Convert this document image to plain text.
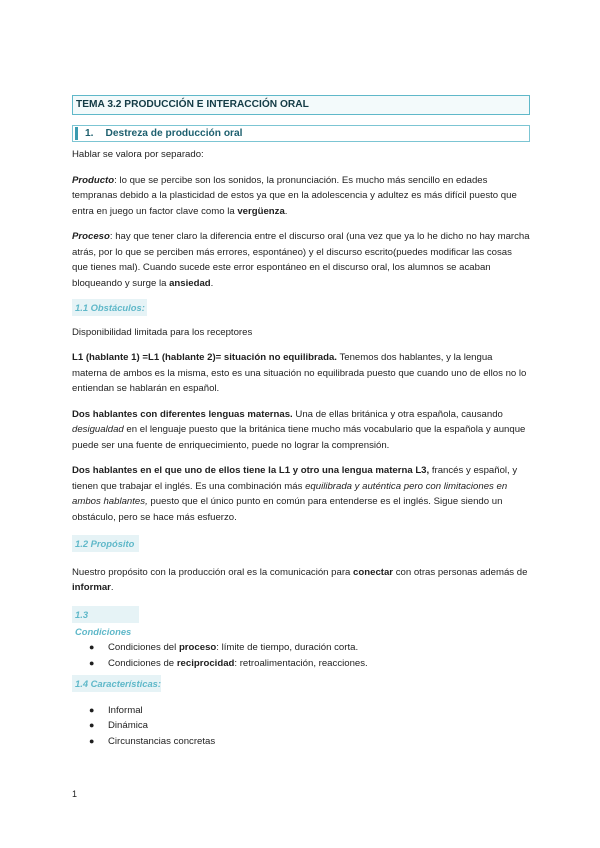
TEMA 3.2 PRODUCCIÓN E INTERACCIÓN ORAL
1. Destreza de producción oral

Hablar se valora por separado:

Producto: lo que se percibe son los sonidos, la pronunciación. Es mucho más sencillo en edades tempranas debido a la plasticidad de estos ya que en la adolescencia y adultez es más difícil puesto que entra en juego un factor clave como la vergüenza.

Proceso: hay que tener claro la diferencia entre el discurso oral (una vez que ya lo he dicho no hay marcha atrás, por lo que se perciben más errores, espontáneo) y el discurso escrito(puedes modificar las cosas que tienes mal). Cuando sucede este error espontáneo en el discurso oral, los alumnos se acaban bloqueando y surge la ansiedad.

1.1 Obstáculos:

Disponibilidad limitada para los receptores

L1 (hablante 1) =L1 (hablante 2)= situación no equilibrada. Tenemos dos hablantes, y la lengua materna de ambos es la misma, esto es una situación no equilibrada puesto que cuando uno de ellos no lo entiendan se hablarán en español.

Dos hablantes con diferentes lenguas maternas. Una de ellas británica y otra española, causando desigualdad en el lenguaje puesto que la británica tiene mucho más vocabulario que la española y aunque puede ser una fuente de enriquecimiento, puede no lograr la comprensión.

Dos hablantes en el que uno de ellos tiene la L1 y otro una lengua materna L3, francés y español, y tienen que trabajar el inglés. Es una combinación más equilibrada y auténtica pero con limitaciones en ambos hablantes, puesto que el único punto en común para entenderse es el inglés. Sigue siendo un obstáculo, pero se hace más esfuerzo.

1.2 Propósito

Nuestro propósito con la producción oral es la comunicación para conectar con otras personas además de informar.

1.3 Condiciones
● Condiciones del proceso: límite de tiempo, duración corta.
● Condiciones de reciprocidad: retroalimentación, reacciones.
1.4 Características:
● Informal
● Dinámica
● Circunstancias concretas
1
